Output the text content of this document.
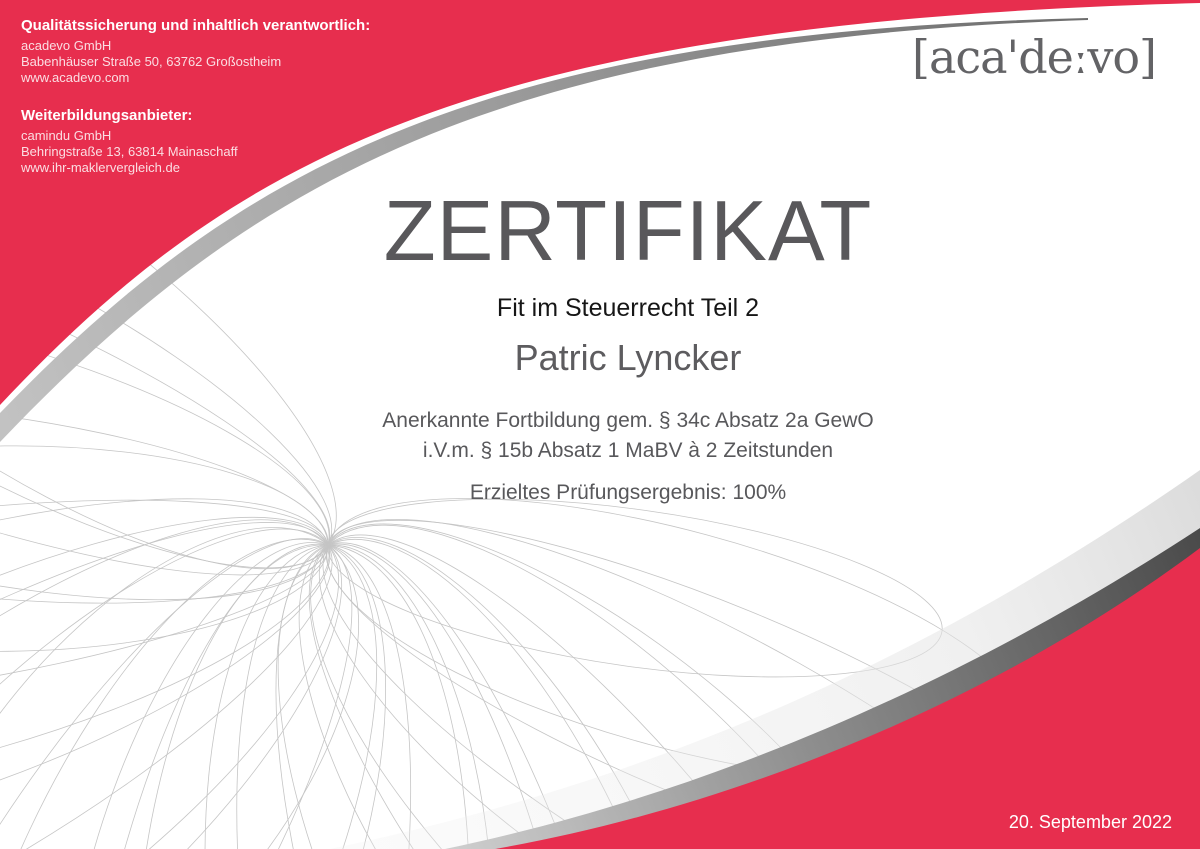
Qualitätssicherung und inhaltlich verantwortlich:

acadevo GmbH

Babenhäuser Straße 50, 63762 Großostheim

www.acadevo.com

Weiterbildungsanbieter:

camindu GmbH

Behringstraße 13, 63814 Mainaschaff

www.ihr-maklervergleich.de

[aca'deːvo]
ZERTIFIKAT
Fit im Steuerrecht Teil 2
Patric Lyncker
Anerkannte Fortbildung gem. § 34c Absatz 2a GewO
i.V.m. § 15b Absatz 1 MaBV à 2 Zeitstunden
Erzieltes Prüfungsergebnis: 100%
20. September 2022
